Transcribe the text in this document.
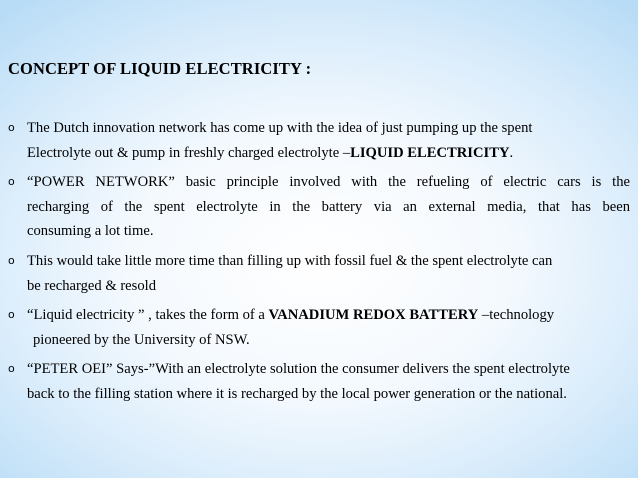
CONCEPT OF LIQUID ELECTRICITY :
o The Dutch innovation network has come up with the idea of just pumping up the spent
Electrolyte out & pump in freshly charged electrolyte –LIQUID ELECTRICITY.
o “POWER NETWORK” basic principle involved with the refueling of electric cars is the
recharging of the spent electrolyte in the battery via an external media, that has been
consuming a lot time.
o This would take little more time than filling up with fossil fuel & the spent electrolyte can
be recharged & resold
o “Liquid electricity ” , takes the form of a VANADIUM REDOX BATTERY –technology
pioneered by the University of NSW.
o “PETER OEI” Says-”With an electrolyte solution the consumer delivers the spent electrolyte
back to the filling station where it is recharged by the local power generation or the national.
